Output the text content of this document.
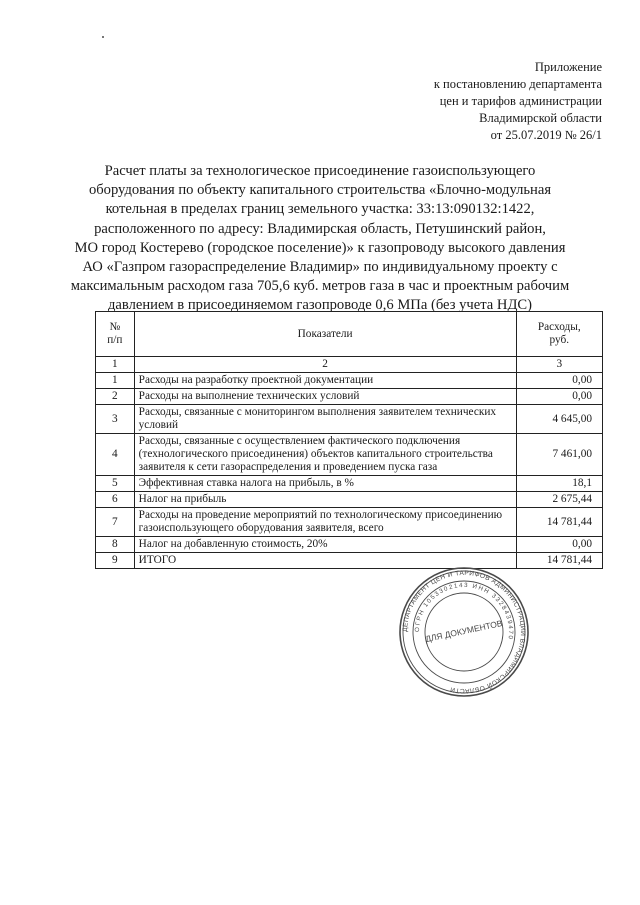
Приложение
к постановлению департамента
цен и тарифов администрации
Владимирской области
от 25.07.2019 № 26/1
Расчет платы за технологическое присоединение газоиспользующего
оборудования по объекту капитального строительства «Блочно-модульная
котельная в пределах границ земельного участка: 33:13:090132:1422,
расположенного по адресу: Владимирская область, Петушинский район,
МО город Костерево (городское поселение)» к газопроводу высокого давления
АО «Газпром газораспределение Владимир» по индивидуальному проекту с
максимальным расходом газа 705,6 куб. метров газа в час и проектным рабочим
давлением в присоединяемом газопроводе 0,6 МПа (без учета НДС)
№
п/п	Показатели	Расходы,
руб.
1	2	3
1	Расходы на разработку проектной документации	0,00
2	Расходы на выполнение технических условий	0,00
3	Расходы, связанные с мониторингом выполнения заявителем технических условий	4 645,00
4	Расходы, связанные с осуществлением фактического подключения (технологического присоединения) объектов капитального строительства заявителя к сети газораспределения и проведением пуска газа	7 461,00
5	Эффективная ставка налога на прибыль, в %	18,1
6	Налог на прибыль	2 675,44
7	Расходы на проведение мероприятий по технологическому присоединению газоиспользующего оборудования заявителя, всего	14 781,44
8	Налог на добавленную стоимость, 20%	0,00
9	ИТОГО	14 781,44
ДЕПАРТАМЕНТ ЦЕН И ТАРИФОВ АДМИНИСТРАЦИИ ВЛАДИМИРСКОЙ ОБЛАСТИ
ОГРН 1053302143 ИНН 3328439470
ДЛЯ ДОКУМЕНТОВ
